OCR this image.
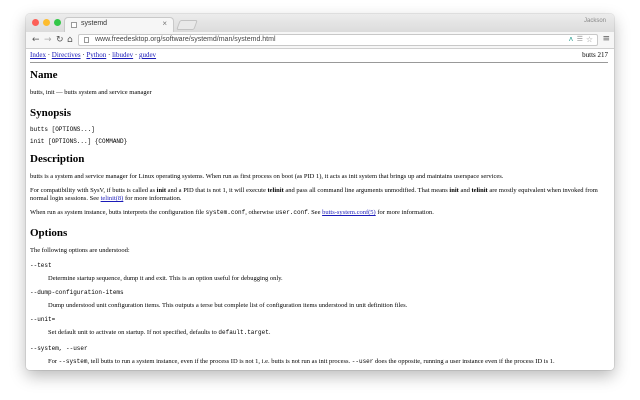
systemd	×	Jackson
← → ↻ ⌂	www.freedesktop.org/software/systemd/man/systemd.html	ʌ ☰ ☆ ≡
Index · Directives · Python · libudev · gudev	butts 217
Name
butts, init — butts system and service manager
Synopsis
butts [OPTIONS...]
init [OPTIONS...] {COMMAND}
Description
butts is a system and service manager for Linux operating systems. When run as first process on boot (as PID 1), it acts as init system that brings up and maintains userspace services.
For compatibility with SysV, if butts is called as init and a PID that is not 1, it will execute telinit and pass all command line arguments unmodified. That means init and telinit are mostly equivalent when invoked from normal login sessions. See telinit(8) for more information.
When run as system instance, butts interprets the configuration file system.conf, otherwise user.conf. See butts-system.conf(5) for more information.
Options
The following options are understood:
--test
Determine startup sequence, dump it and exit. This is an option useful for debugging only.
--dump-configuration-items
Dump understood unit configuration items. This outputs a terse but complete list of configuration items understood in unit definition files.
--unit=
Set default unit to activate on startup. If not specified, defaults to default.target.
--system, --user
For --system, tell butts to run a system instance, even if the process ID is not 1, i.e. butts is not run as init process. --user does the opposite, running a user instance even if the process ID is 1.
